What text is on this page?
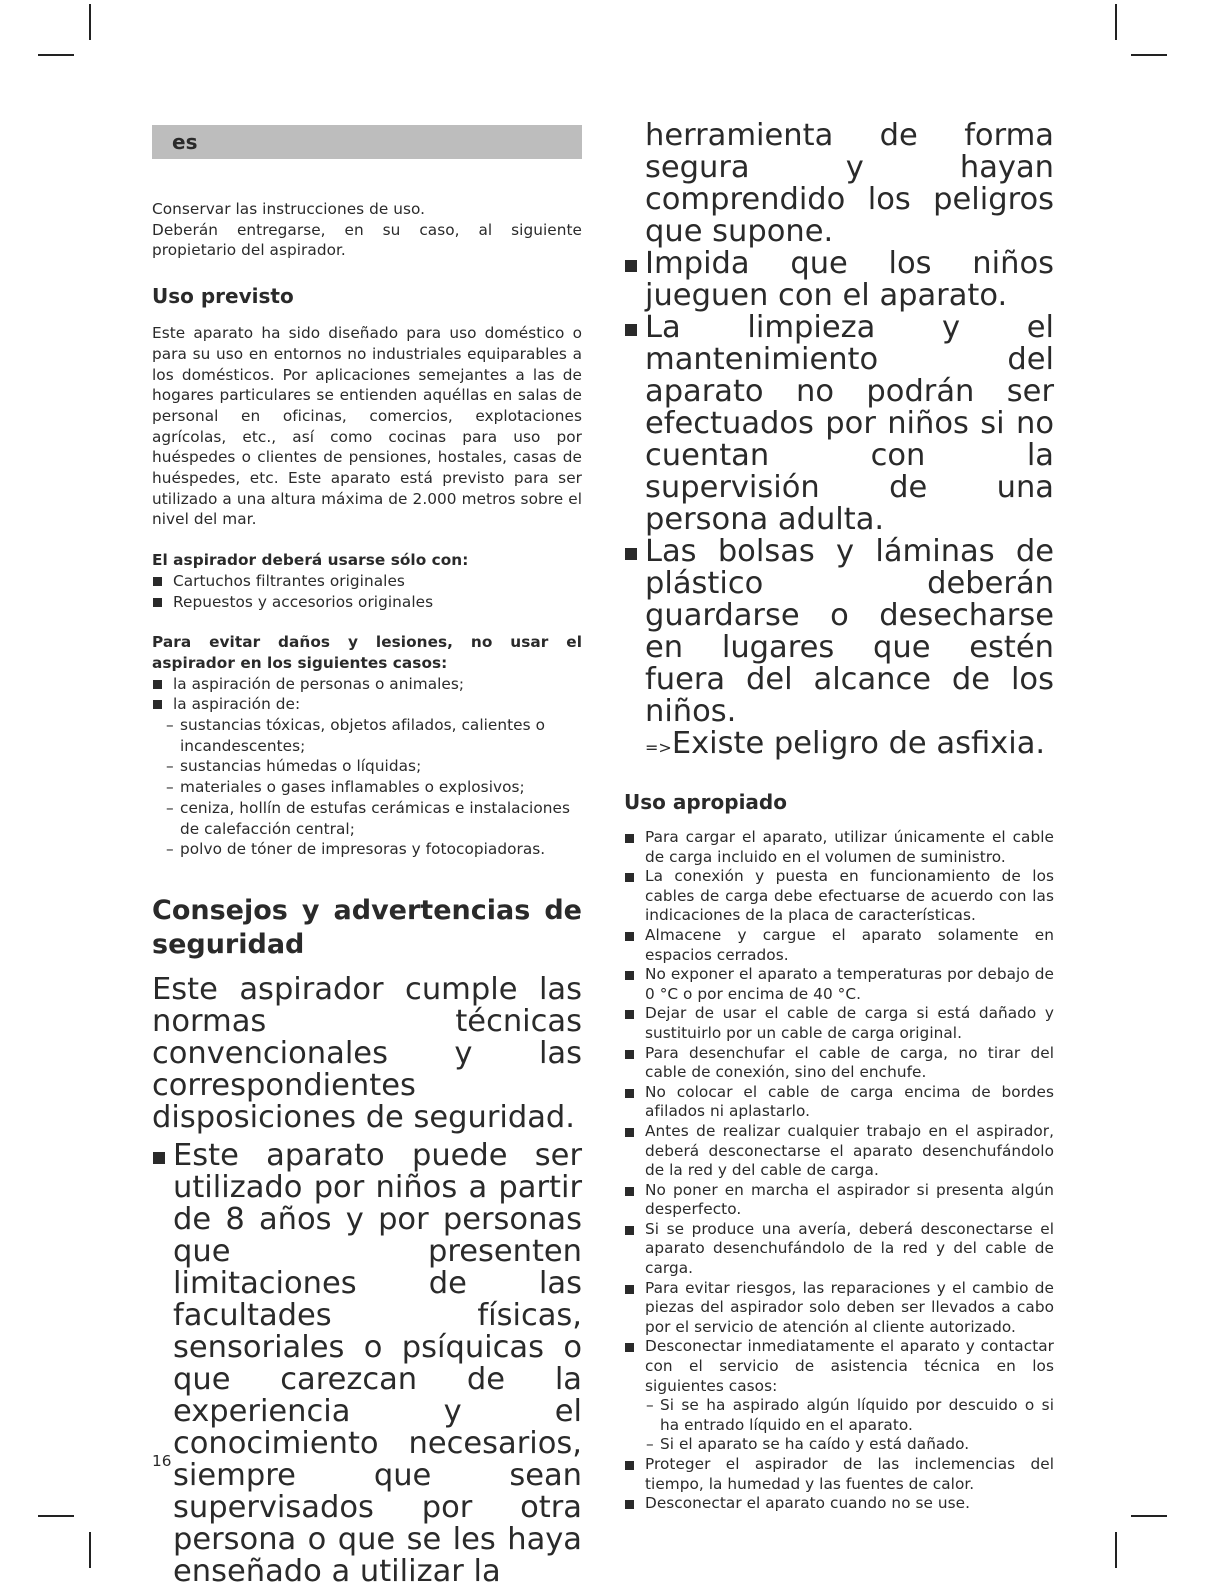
es

Conservar las instrucciones de uso.

Deberán entregarse, en su caso, al siguiente propietario del aspirador.

Uso previsto

Este aparato ha sido diseñado para uso doméstico o para su uso en entornos no industriales equiparables a los domésticos. Por aplicaciones semejantes a las de hogares particulares se entienden aquéllas en salas de personal en oficinas, comercios, explotaciones agrícolas, etc., así como cocinas para uso por huéspedes o clientes de pensiones, hostales, casas de huéspedes, etc. Este aparato está previsto para ser utilizado a una altura máxima de 2.000 metros sobre el nivel del mar.

El aspirador deberá usarse sólo con:

Cartuchos filtrantes originales
Repuestos y accesorios originales

Para evitar daños y lesiones, no usar el aspirador en los siguientes casos:

la aspiración de personas o animales;
la aspiración de:
– sustancias tóxicas, objetos afilados, calientes o incandescentes;
– sustancias húmedas o líquidas;
– materiales o gases inflamables o explosivos;
– ceniza, hollín de estufas cerámicas e instalaciones de calefacción central;
– polvo de tóner de impresoras y fotocopiadoras.
Consejos y advertencias de seguridad

Este aspirador cumple las normas técnicas convencionales y las correspondientes disposiciones de seguridad.

Este aparato puede ser utilizado por niños a partir de 8 años y por personas que presenten limitaciones de las facultades físicas, sensoriales o psíquicas o que carezcan de la experiencia y el conocimiento necesarios, siempre que sean supervisados por otra persona o que se les haya enseñado a utilizar la
16

herramienta de forma segura y hayan comprendido los peligros que supone.

Impida que los niños jueguen con el aparato.
La limpieza y el mantenimiento del aparato no podrán ser efectuados por niños si no cuentan con la supervisión de una persona adulta.
Las bolsas y láminas de plástico deberán guardarse o desecharse en lugares que estén fuera del alcance de los niños.

=>Existe peligro de asfixia.

Uso apropiado
Para cargar el aparato, utilizar únicamente el cable de carga incluido en el volumen de suministro.
La conexión y puesta en funcionamiento de los cables de carga debe efectuarse de acuerdo con las indicaciones de la placa de características.
Almacene y cargue el aparato solamente en espacios cerrados.
No exponer el aparato a temperaturas por debajo de 0 °C o por encima de 40 °C.
Dejar de usar el cable de carga si está dañado y sustituirlo por un cable de carga original.
Para desenchufar el cable de carga, no tirar del cable de conexión, sino del enchufe.
No colocar el cable de carga encima de bordes afilados ni aplastarlo.
Antes de realizar cualquier trabajo en el aspirador, deberá desconectarse el aparato desenchufándolo de la red y del cable de carga.
No poner en marcha el aspirador si presenta algún desperfecto.
Si se produce una avería, deberá desconectarse el aparato desenchufándolo de la red y del cable de carga.
Para evitar riesgos, las reparaciones y el cambio de piezas del aspirador solo deben ser llevados a cabo por el servicio de atención al cliente autorizado.
Desconectar inmediatamente el aparato y contactar con el servicio de asistencia técnica en los siguientes casos:
– Si se ha aspirado algún líquido por descuido o si ha entrado líquido en el aparato.
– Si el aparato se ha caído y está dañado.
Proteger el aspirador de las inclemencias del tiempo, la humedad y las fuentes de calor.
Desconectar el aparato cuando no se use.
